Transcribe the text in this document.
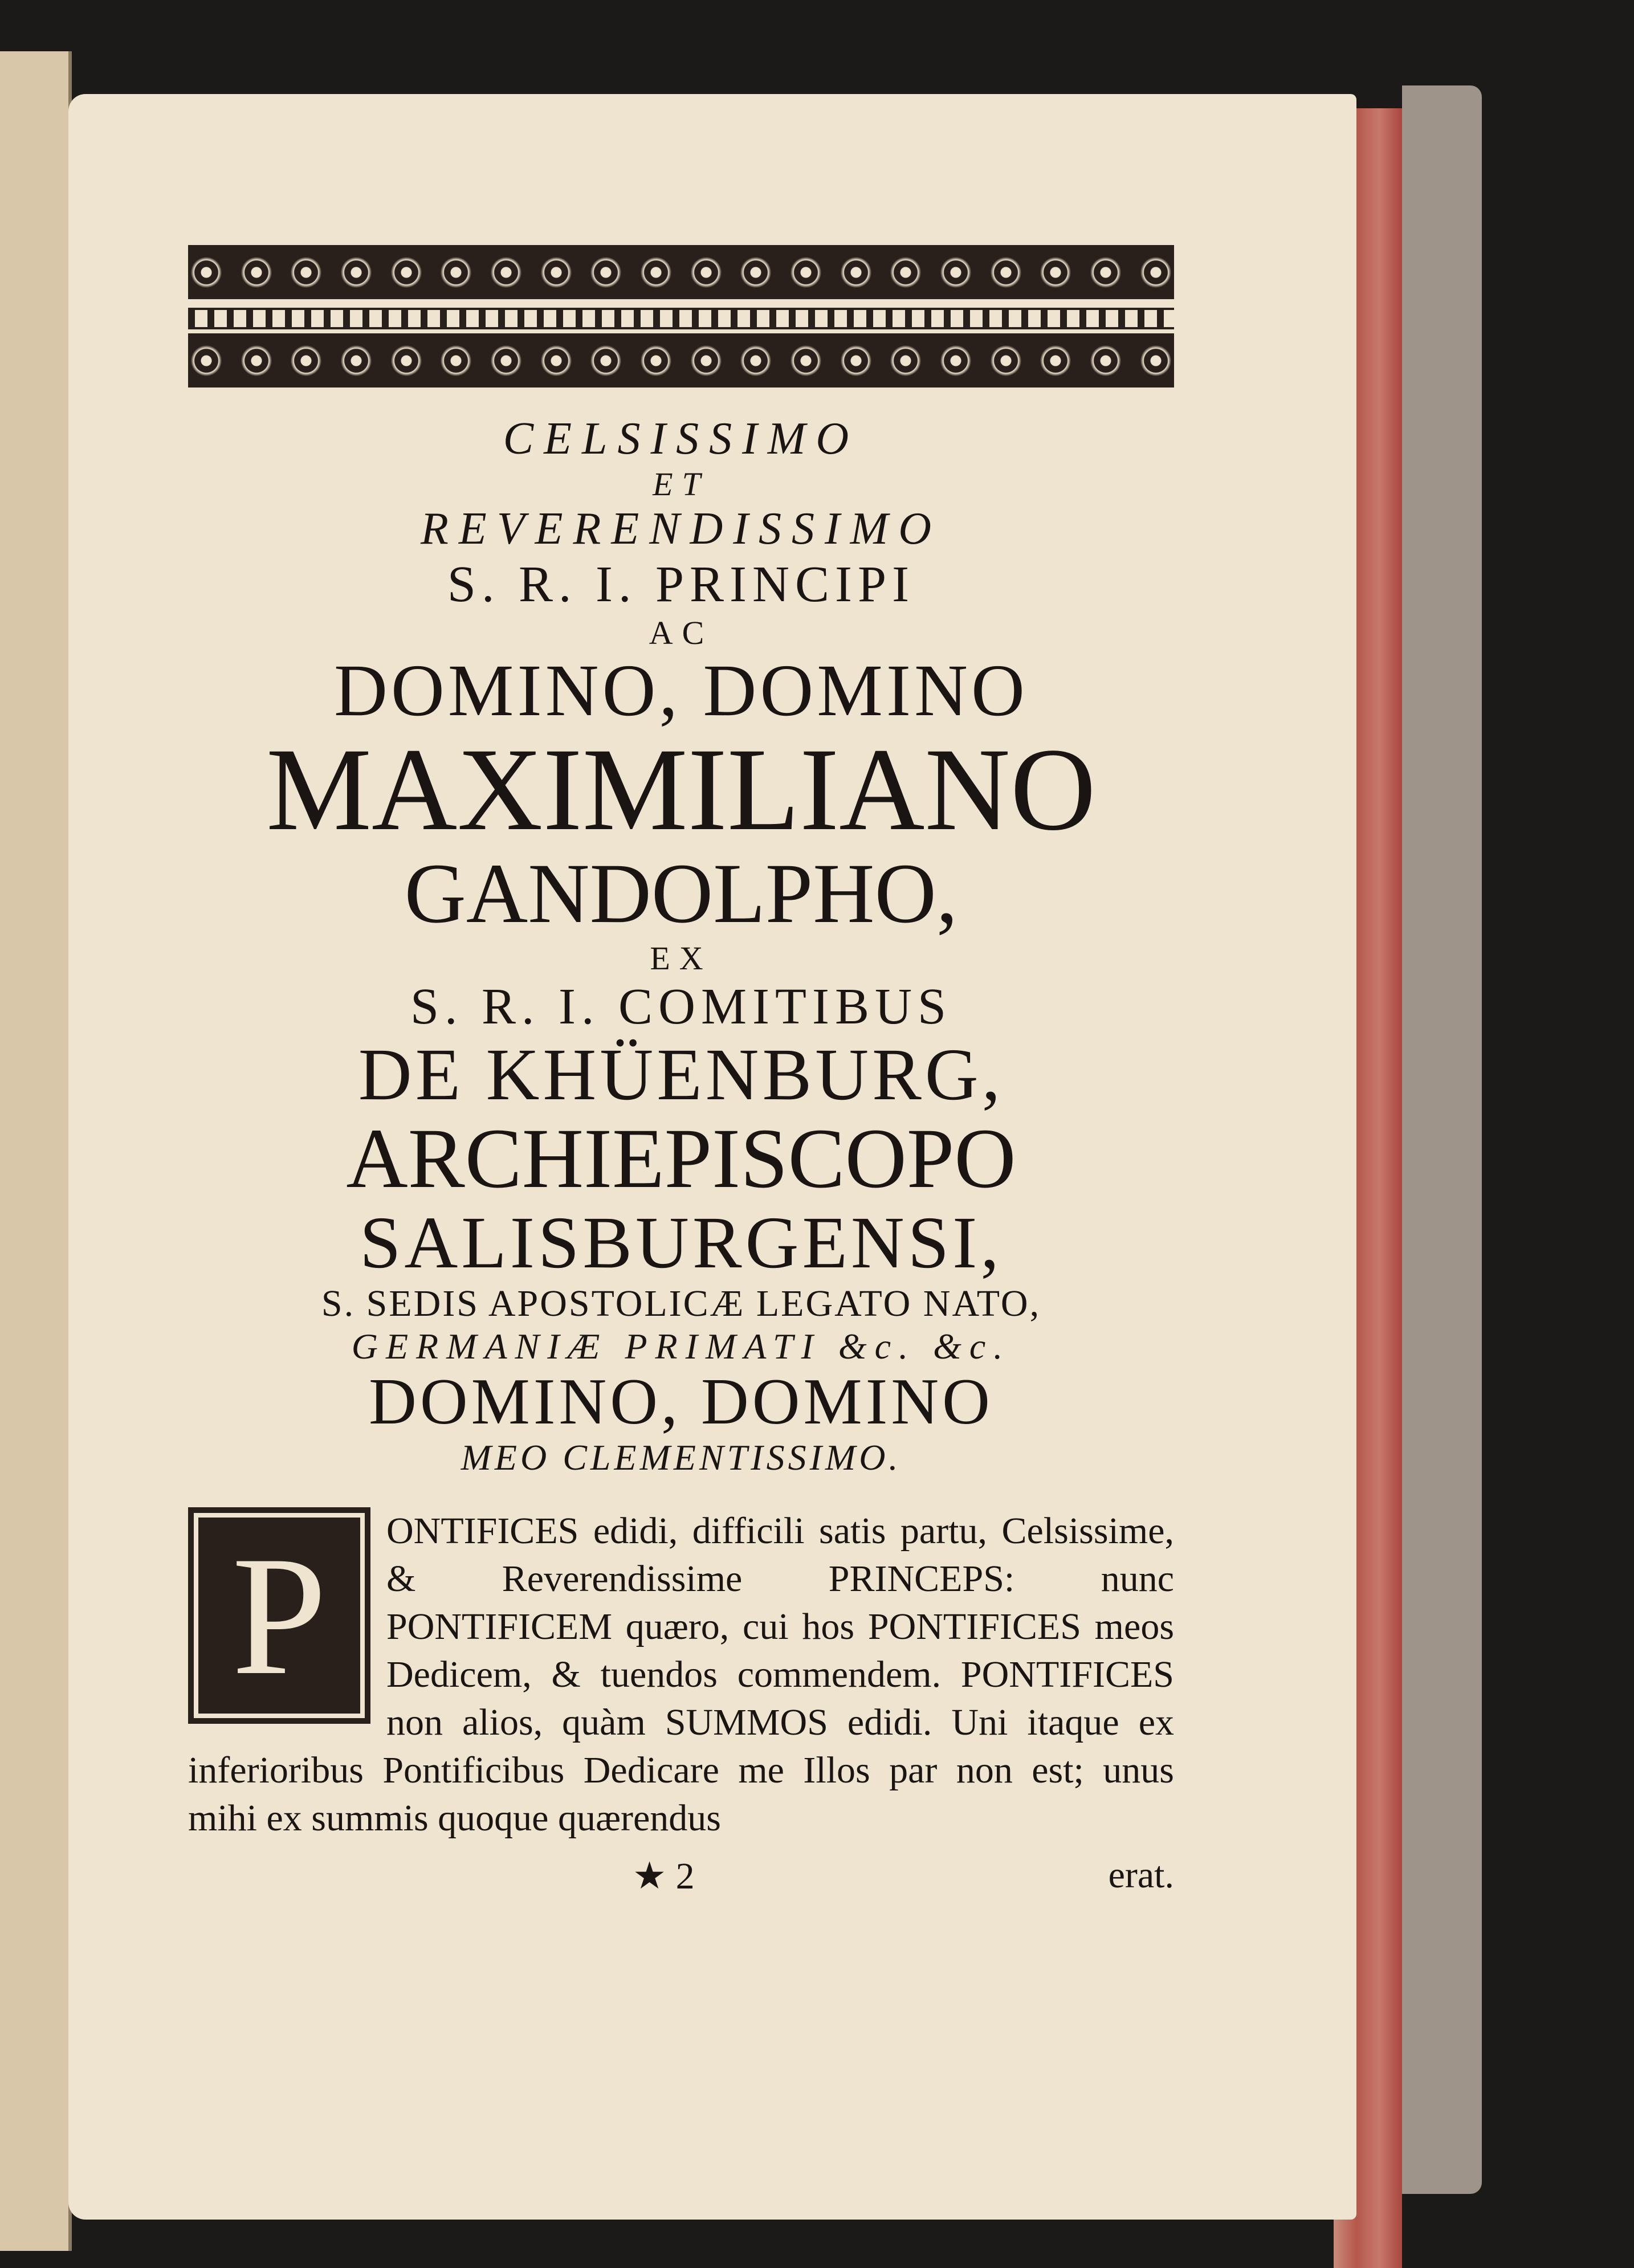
CELSISSIMO
ET
REVERENDISSIMO
S. R. I. PRINCIPI
AC
DOMINO, DOMINO
MAXIMILIANO
GANDOLPHO,
EX
S. R. I. COMITIBUS
DE KHÜENBURG,
ARCHIEPISCOPO
SALISBURGENSI,
S. SEDIS APOSTOLICÆ LEGATO NATO,
GERMANIÆ PRIMATI &c. &c.
DOMINO, DOMINO
MEO CLEMENTISSIMO.
P	ONTIFICES edidi, difficili satis partu, Celsissime, & Reverendissime PRINCEPS: nunc PONTIFICEM quæro, cui hos PONTIFICES meos Dedicem, & tuendos commendem. PONTIFICES non alios, quàm SUMMOS edidi. Uni itaque ex inferioribus Pontificibus Dedicare me Illos par non est; unus mihi ex summis quoque quærendus
★ 2	erat.
